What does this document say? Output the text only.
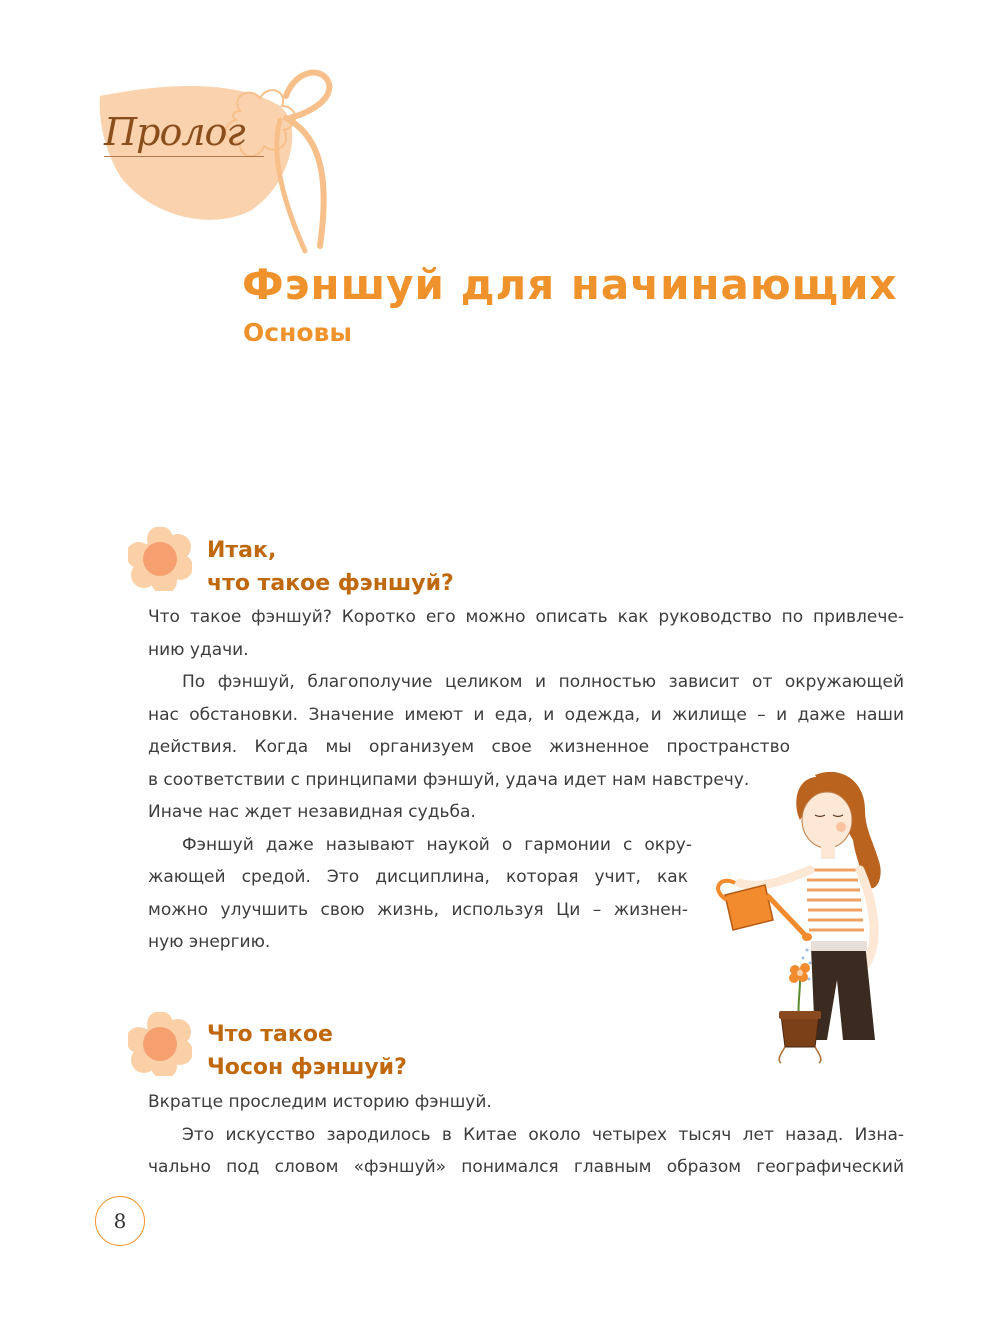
Пролог
Фэншуй для начинающих
Основы
Итак,
что такое фэншуй?
Что такое фэншуй? Коротко его можно описать как руководство по привлече-
нию удачи.
По фэншуй, благополучие целиком и полностью зависит от окружающей
нас обстановки. Значение имеют и еда, и одежда, и жилище – и даже наши
действия. Когда мы организуем свое жизненное пространство
в соответствии с принципами фэншуй, удача идет нам навстречу.
Иначе нас ждет незавидная судьба.
Фэншуй даже называют наукой о гармонии с окру-
жающей средой. Это дисциплина, которая учит, как
можно улучшить свою жизнь, используя Ци – жизнен-
ную энергию.
Что такое
Чосон фэншуй?
Вкратце проследим историю фэншуй.
Это искусство зародилось в Китае около четырех тысяч лет назад. Изна-
чально под словом «фэншуй» понимался главным образом географический
8
